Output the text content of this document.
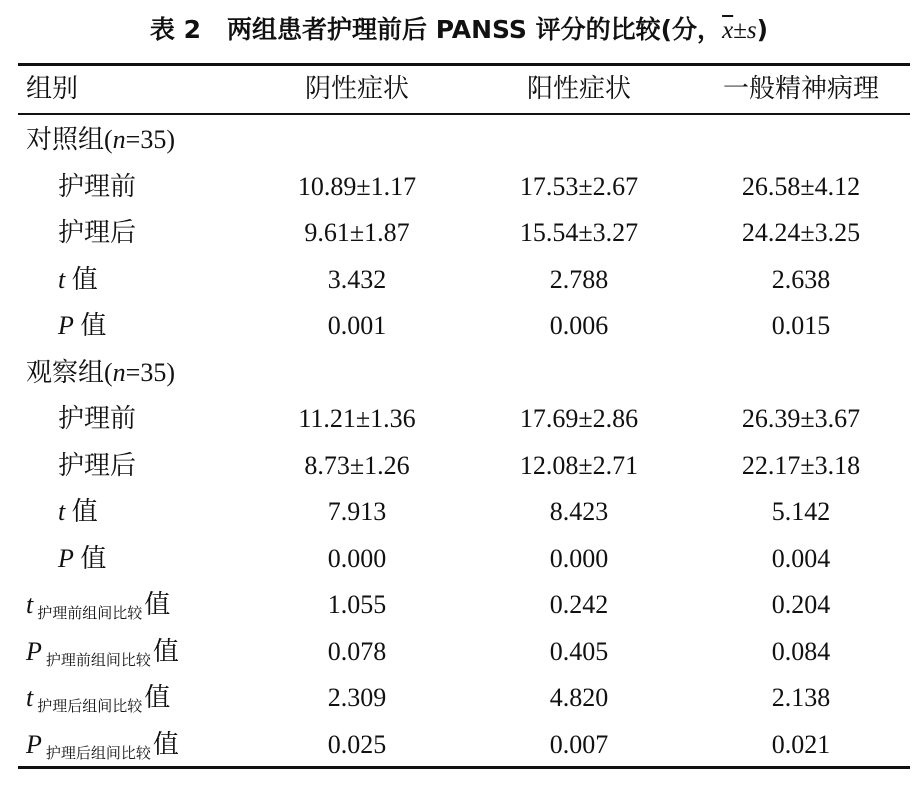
表 2 两组患者护理前后 PANSS 评分的比较(分，$\overline{x}\pm s$)
组别	阴性症状	阳性症状	一般精神病理
对照组(n=35)
护理前	10.89±1.17	17.53±2.67	26.58±4.12
护理后	9.61±1.87	15.54±3.27	24.24±3.25
t 值	3.432	2.788	2.638
P 值	0.001	0.006	0.015
观察组(n=35)
护理前	11.21±1.36	17.69±2.86	26.39±3.67
护理后	8.73±1.26	12.08±2.71	22.17±3.18
t 值	7.913	8.423	5.142
P 值	0.000	0.000	0.004
t $_{护理前组间比较}$值	1.055	0.242	0.204
P $_{护理前组间比较}$值	0.078	0.405	0.084
t $_{护理后组间比较}$值	2.309	4.820	2.138
P $_{护理后组间比较}$值	0.025	0.007	0.021
